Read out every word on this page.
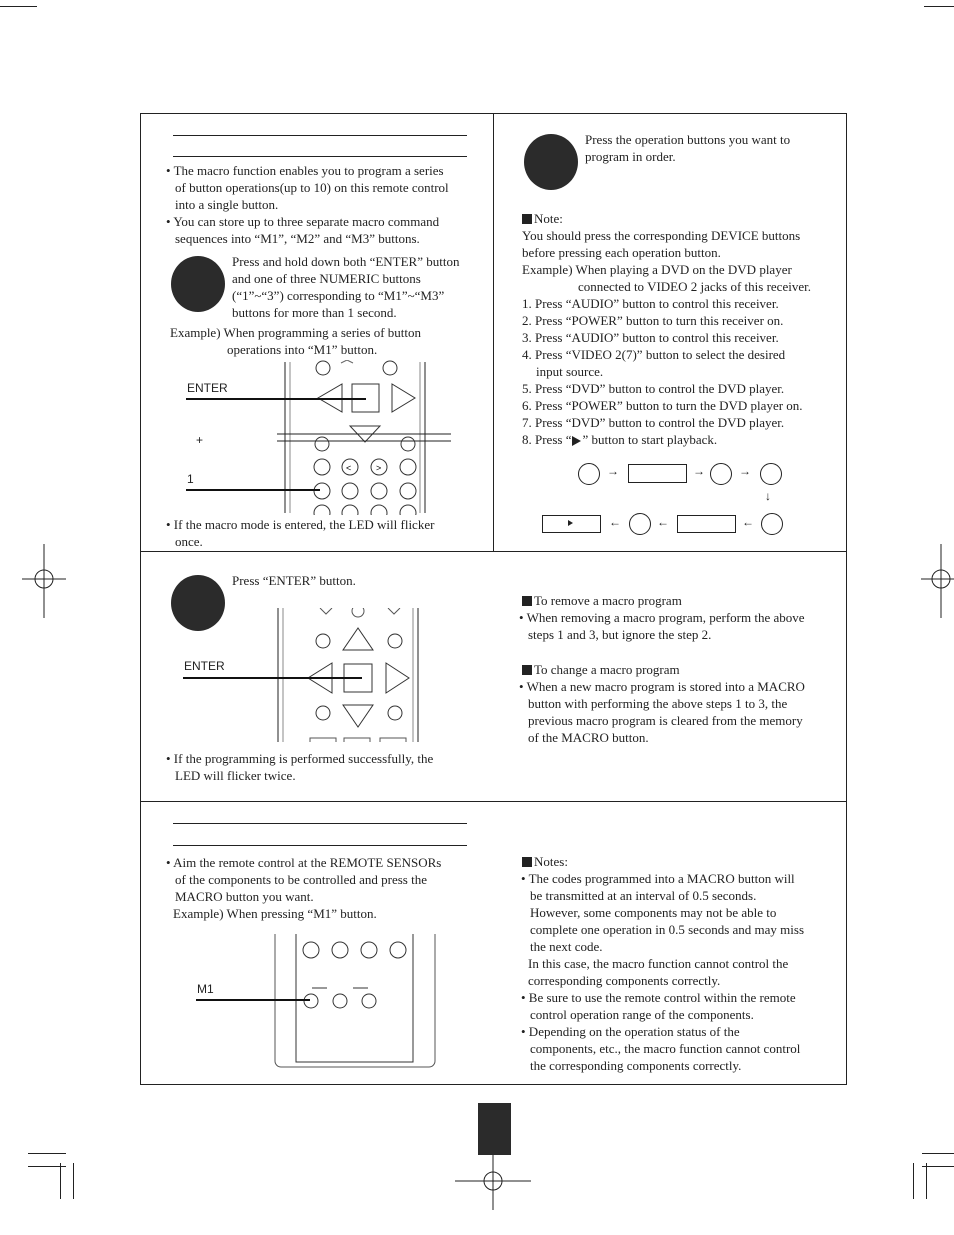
• The macro function enables you to program a series
of button operations(up to 10) on this remote control
into a single button.
• You can store up to three separate macro command
sequences into “M1”, “M2” and “M3” buttons.
Press and hold down both “ENTER” button
and one of three NUMERIC buttons
(“1”~“3”) corresponding to “M1”~“M3”
buttons for more than 1 second.
Example) When programming a series of button
operations into “M1” button.
<	>
ENTER
+
1
• If the macro mode is entered, the LED will flicker
once.
Press the operation buttons you want to
program in order.
Note:
You should press the corresponding DEVICE buttons
before pressing each operation button.
Example) When playing a DVD on the DVD player
connected to VIDEO 2 jacks of this receiver.
1. Press “AUDIO” button to control this receiver.
2. Press “POWER” button to turn this receiver on.
3. Press “AUDIO” button to control this receiver.
4. Press “VIDEO 2(7)” button to select the desired
input source.
5. Press “DVD” button to control the DVD player.
6. Press “POWER” button to turn the DVD player on.
7. Press “DVD” button to control the DVD player.
8. Press “ ” button to start playback.
→	→	→
↓
←	←	←
Press “ENTER” button.
ENTER
• If the programming is performed successfully, the
LED will flicker twice.
To remove a macro program
• When removing a macro program, perform the above
steps 1 and 3, but ignore the step 2.
To change a macro program
• When a new macro program is stored into a MACRO
button with performing the above steps 1 to 3, the
previous macro program is cleared from the memory
of the MACRO button.
• Aim the remote control at the REMOTE SENSORs
of the components to be controlled and press the
MACRO button you want.
Example) When pressing “M1” button.
M1
Notes:
• The codes programmed into a MACRO button will
be transmitted at an interval of 0.5 seconds.
However, some components may not be able to
complete one operation in 0.5 seconds and may miss
the next code.
In this case, the macro function cannot control the
corresponding components correctly.
• Be sure to use the remote control within the remote
control operation range of the components.
• Depending on the operation status of the
components, etc., the macro function cannot control
the corresponding components correctly.
